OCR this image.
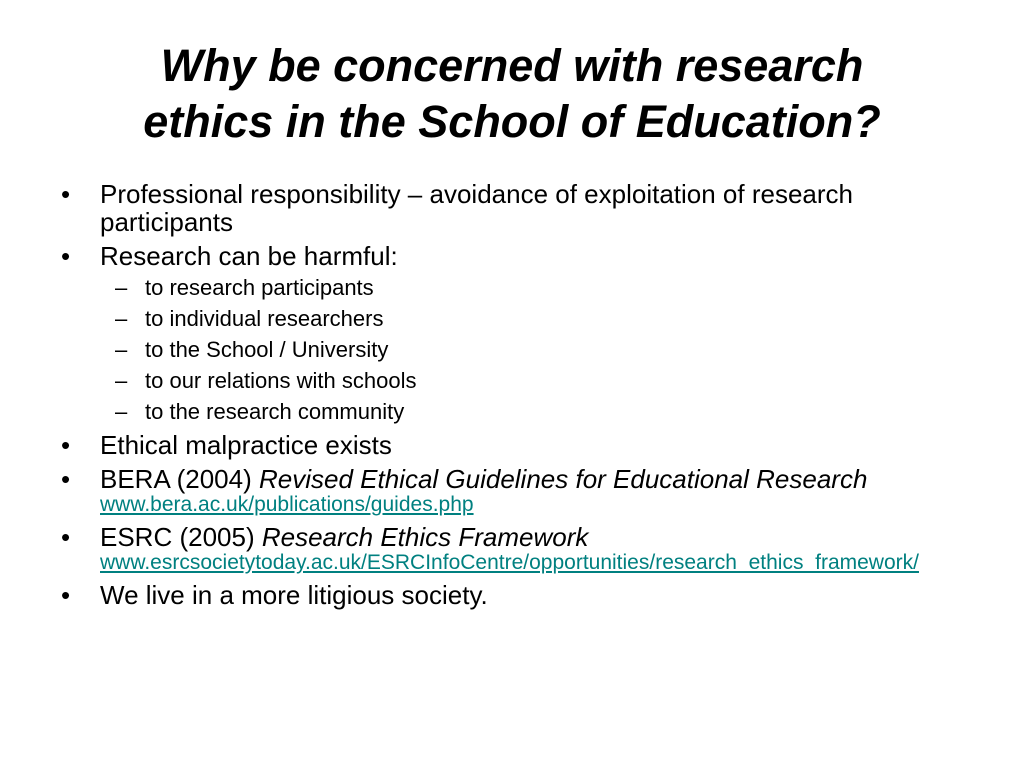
Why be concerned with research
ethics in the School of Education?
• Professional responsibility – avoidance of exploitation of research participants
• Research can be harmful:
– to research participants
– to individual researchers
– to the School / University
– to our relations with schools
– to the research community
• Ethical malpractice exists
• BERA (2004) Revised Ethical Guidelines for Educational Research
www.bera.ac.uk/publications/guides.php
• ESRC (2005) Research Ethics Framework
www.esrcsocietytoday.ac.uk/ESRCInfoCentre/opportunities/research_ethics_framework/
• We live in a more litigious society.
